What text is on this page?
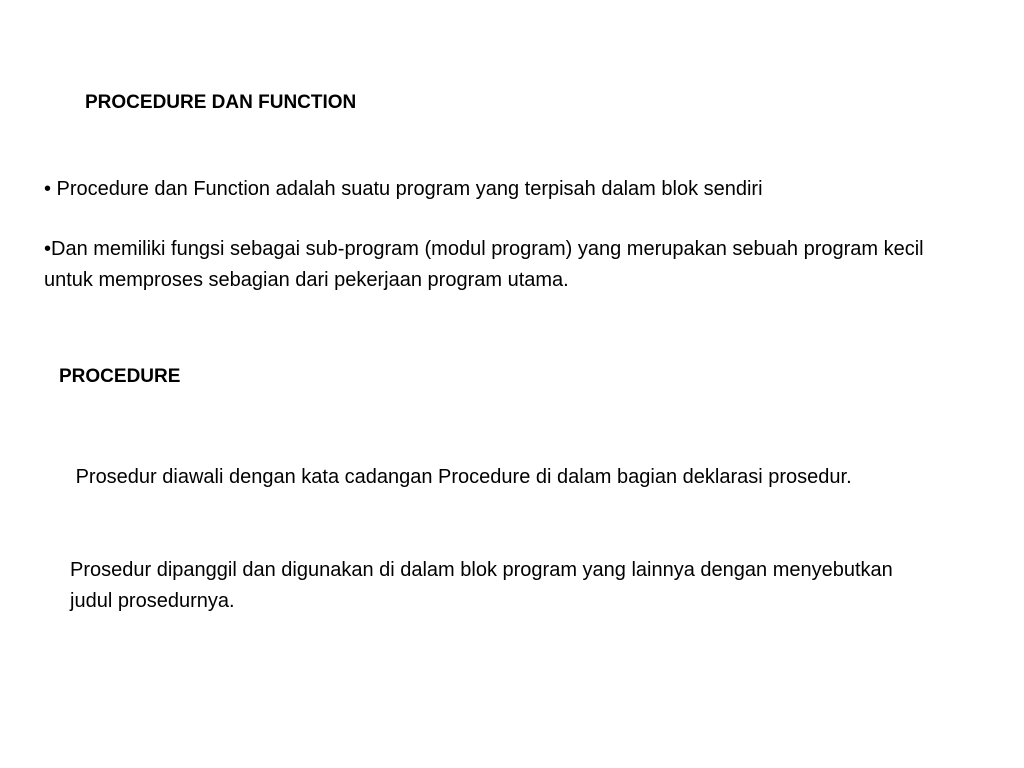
PROCEDURE DAN FUNCTION
• Procedure dan Function adalah suatu program yang terpisah dalam blok sendiri
•Dan memiliki fungsi sebagai sub-program (modul program) yang merupakan sebuah program kecil untuk memproses sebagian dari pekerjaan program utama.
PROCEDURE
Prosedur diawali dengan kata cadangan Procedure di dalam bagian deklarasi prosedur.
Prosedur dipanggil dan digunakan di dalam blok program yang lainnya dengan menyebutkan judul prosedurnya.
